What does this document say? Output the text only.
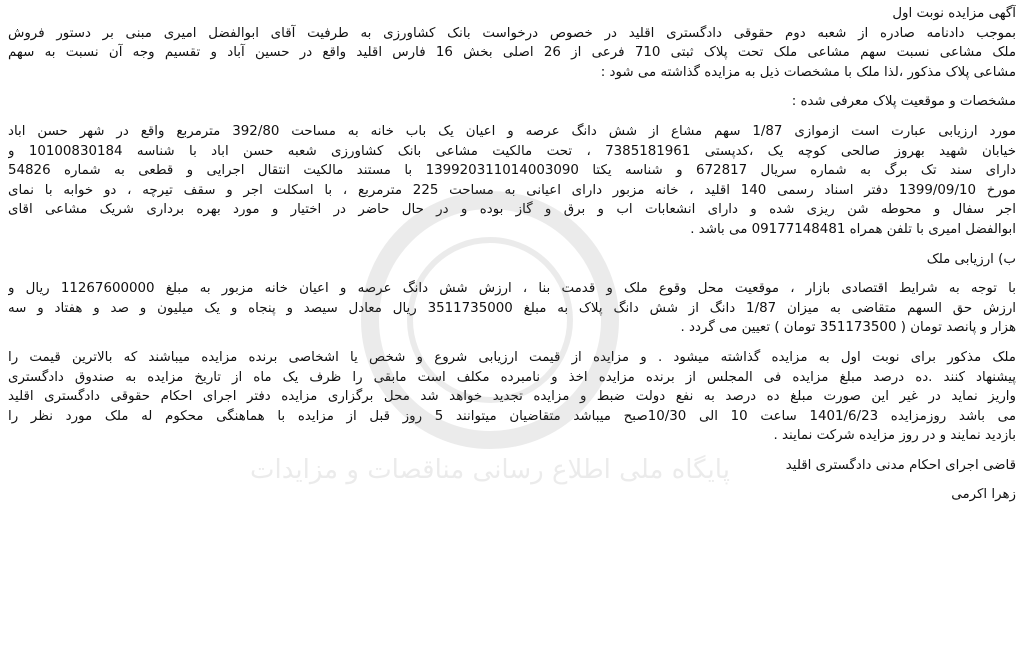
آگهی مزایده نوبت اول
بموجب دادنامه صادره از شعبه دوم حقوقی دادگستری اقلید در خصوص درخواست بانک کشاورزی به طرفیت آقای ابوالفضل امیری مبنی بر دستور فروش
ملک مشاعی نسبت سهم مشاعی ملک تحت پلاک ثبتی 710 فرعی از 26 اصلی بخش 16 فارس اقلید واقع در حسین آباد و تقسیم وجه آن نسبت به سهم
مشاعی پلاک مذکور ،لذا ملک با مشخصات ذیل به مزایده گذاشته می شود :
مشخصات و موقعیت پلاک معرفی شده :
مورد ارزیابی عبارت است ازموازی 1/87 سهم مشاع از شش دانگ عرصه و اعیان یک باب خانه به مساحت 392/80 مترمربع واقع در شهر حسن اباد
خیابان شهید بهروز صالحی کوچه یک ،کدپستی 7385181961 ، تحت مالکیت مشاعی بانک کشاورزی شعبه حسن اباد با شناسه 10100830184 و
دارای سند تک برگ به شماره سریال 672817 و شناسه یکتا 139920311014003090 با مستند مالکیت انتقال اجرایی و قطعی به شماره 54826
مورخ 1399/09/10 دفتر اسناد رسمی 140 اقلید ، خانه مزبور دارای اعیانی به مساحت 225 مترمربع ، با اسکلت اجر و سقف تیرچه ، دو خوابه با نمای
اجر سفال و محوطه شن ریزی شده و دارای انشعابات اب و برق و گاز بوده و در حال حاضر در اختیار و مورد بهره برداری شریک مشاعی اقای
ابوالفضل امیری با تلفن همراه 09177148481 می باشد .
ب) ارزیابی ملک
با توجه به شرایط اقتصادی بازار ، موقعیت محل وقوع ملک و قدمت بنا ، ارزش شش دانگ عرصه و اعیان خانه مزبور به مبلغ 11267600000 ریال و
ارزش حق السهم متقاضی به میزان 1/87 دانگ از شش دانگ پلاک به مبلغ 3511735000 ریال معادل سیصد و پنجاه و یک میلیون و صد و هفتاد و سه
هزار و پانصد تومان ( 351173500 تومان ) تعیین می گردد .
ملک مذکور برای نوبت اول به مزایده گذاشته میشود . و مزایده از قیمت ارزیابی شروع و شخص یا اشخاصی برنده مزایده میباشند که بالاترین قیمت را
پیشنهاد کنند .ده درصد مبلغ مزایده فی المجلس از برنده مزایده اخذ و نامبرده مکلف است مابقی را ظرف یک ماه از تاریخ مزایده به صندوق دادگستری
واریز نماید در غیر این صورت مبلغ ده درصد به نفع دولت ضبط و مزایده تجدید خواهد شد محل برگزاری مزایده دفتر اجرای احکام حقوقی دادگستری اقلید
می باشد روزمزایده 1401/6/23 ساعت 10 الی 10/30صبح میباشد متقاضیان میتوانند 5 روز قبل از مزایده با هماهنگی محکوم له ملک مورد نظر را
بازدید نمایند و در روز مزایده شرکت نمایند .
قاضی اجرای احکام مدنی دادگستری اقلید
زهرا اکرمی
پایگاه ملی اطلاع رسانی مناقصات و مزایدات
